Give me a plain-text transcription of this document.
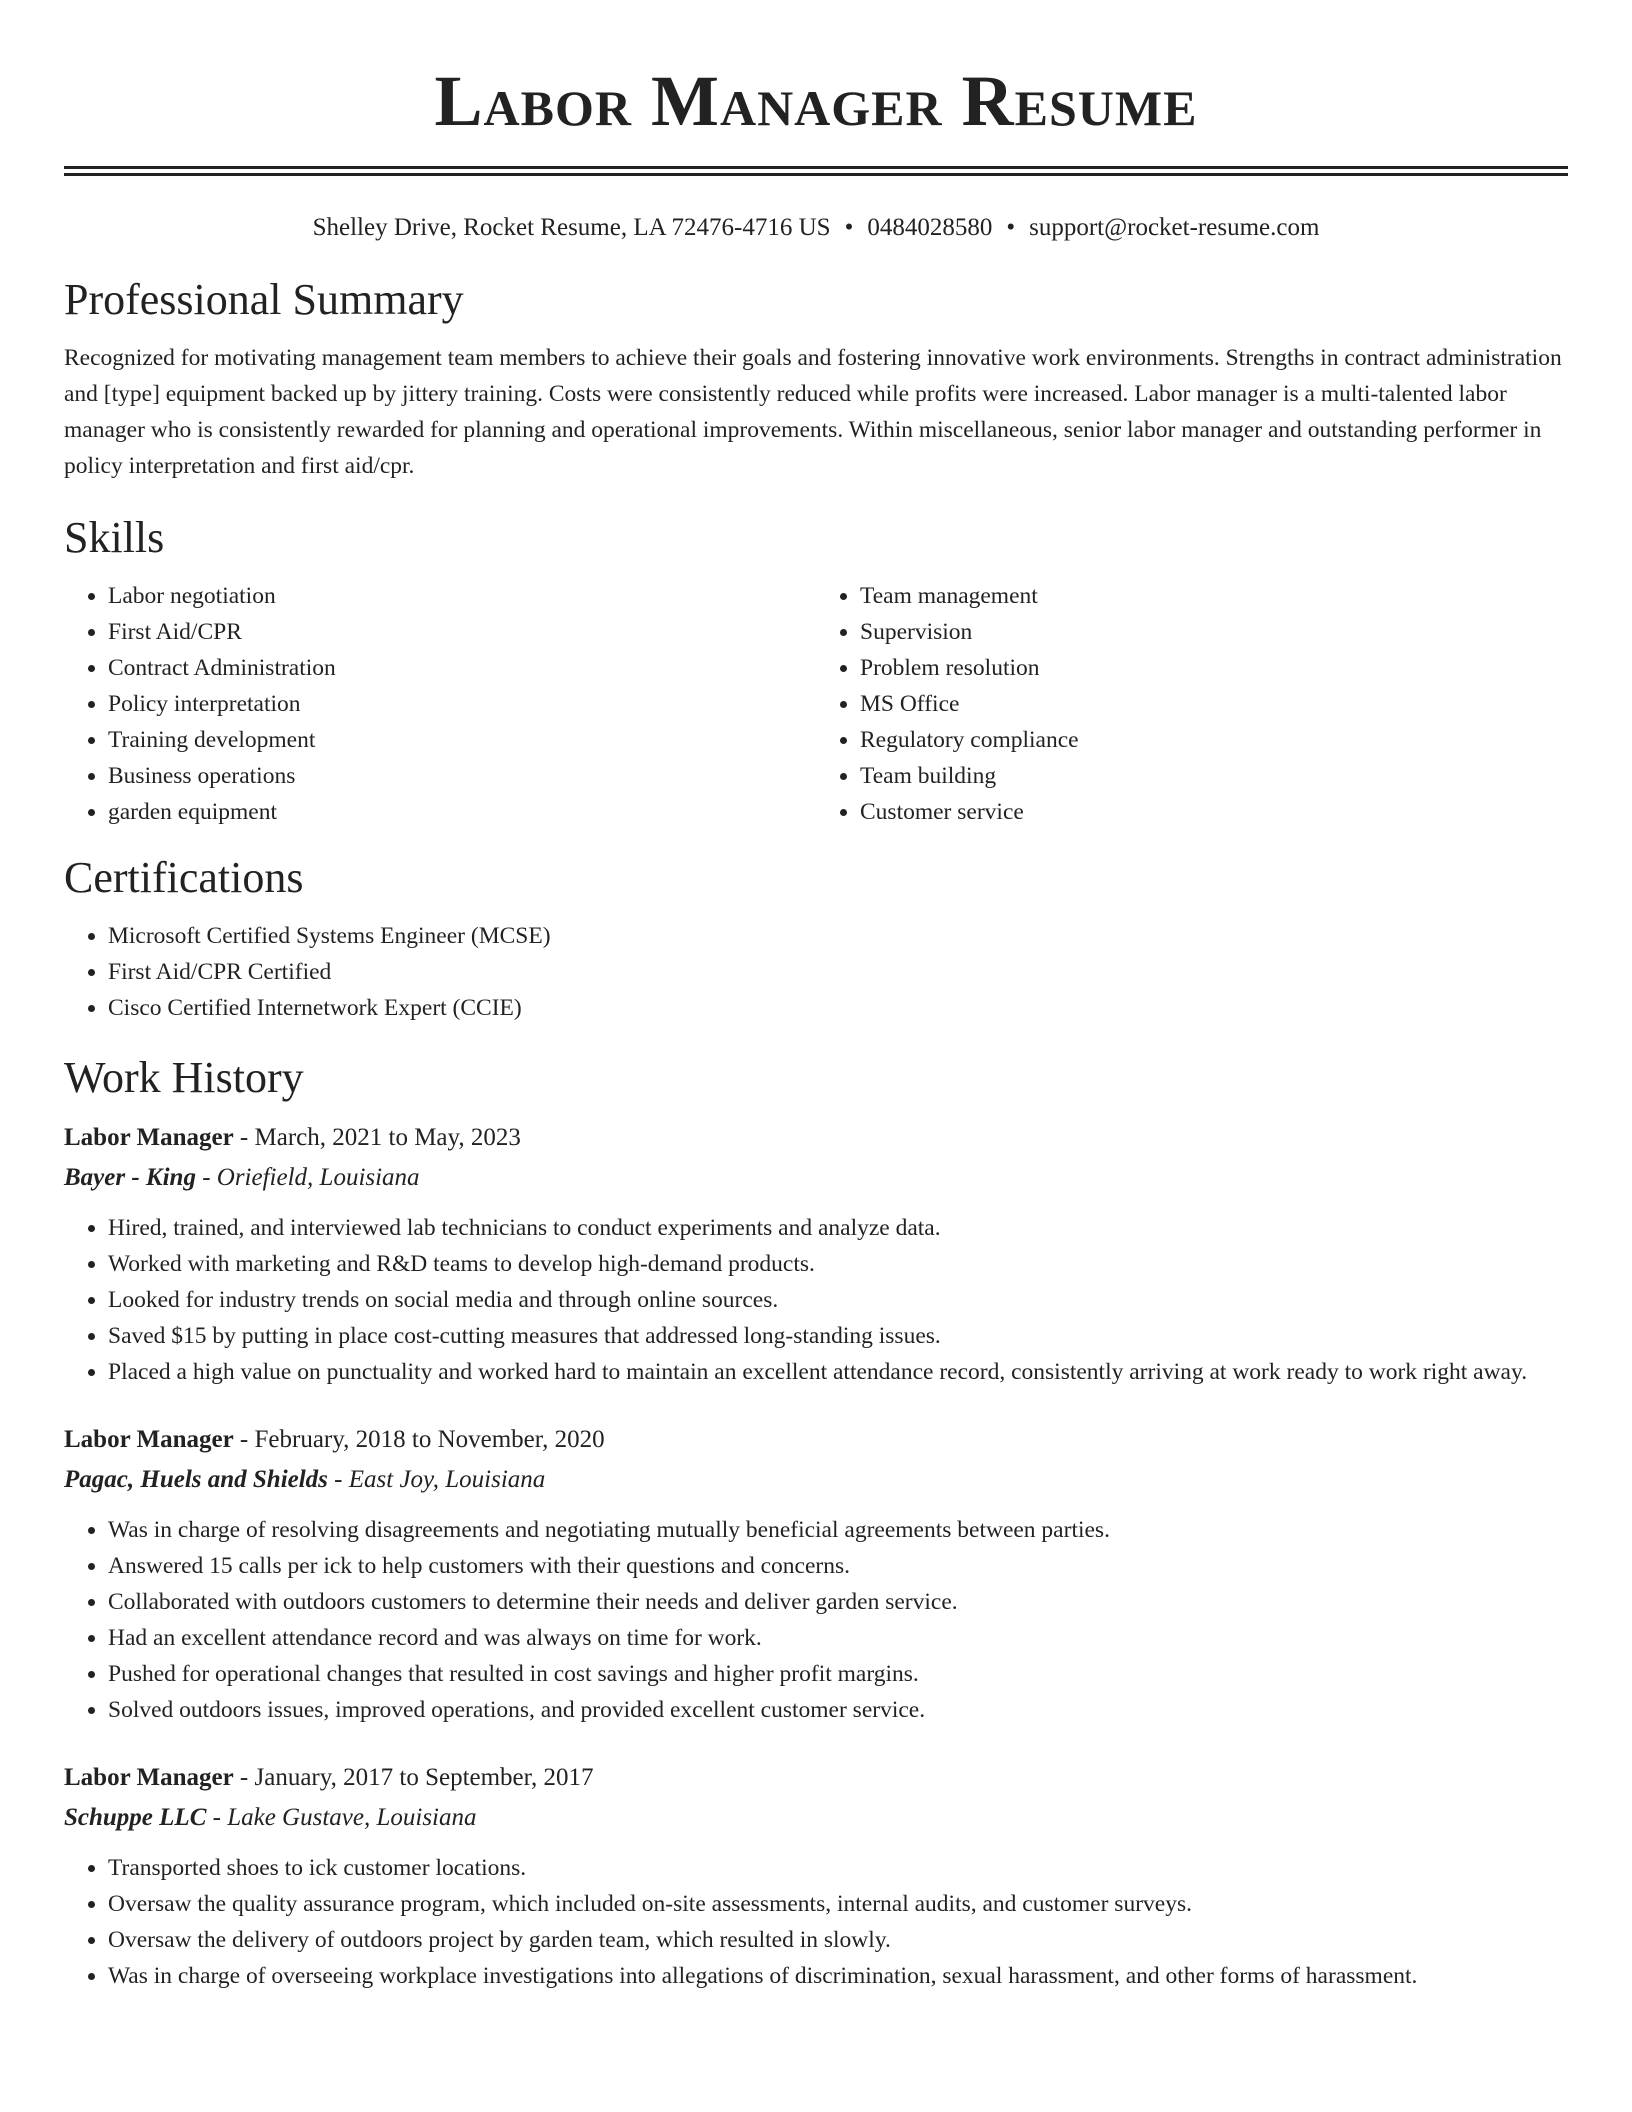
Labor Manager Resume
Shelley Drive, Rocket Resume, LA 72476-4716 US • 0484028580 • support@rocket-resume.com
Professional Summary

Recognized for motivating management team members to achieve their goals and fostering innovative work environments. Strengths in contract administration and [type] equipment backed up by jittery training. Costs were consistently reduced while profits were increased. Labor manager is a multi-talented labor manager who is consistently rewarded for planning and operational improvements. Within miscellaneous, senior labor manager and outstanding performer in policy interpretation and first aid/cpr.

Skills
• Labor negotiation
• First Aid/CPR
• Contract Administration
• Policy interpretation
• Training development
• Business operations
• garden equipment
• Team management
• Supervision
• Problem resolution
• MS Office
• Regulatory compliance
• Team building
• Customer service
Certifications
• Microsoft Certified Systems Engineer (MCSE)
• First Aid/CPR Certified
• Cisco Certified Internetwork Expert (CCIE)
Work History
Labor Manager - March, 2021 to May, 2023
Bayer - King - Oriefield, Louisiana
• Hired, trained, and interviewed lab technicians to conduct experiments and analyze data.
• Worked with marketing and R&D teams to develop high-demand products.
• Looked for industry trends on social media and through online sources.
• Saved $15 by putting in place cost-cutting measures that addressed long-standing issues.
• Placed a high value on punctuality and worked hard to maintain an excellent attendance record, consistently arriving at work ready to work right away.
Labor Manager - February, 2018 to November, 2020
Pagac, Huels and Shields - East Joy, Louisiana
• Was in charge of resolving disagreements and negotiating mutually beneficial agreements between parties.
• Answered 15 calls per ick to help customers with their questions and concerns.
• Collaborated with outdoors customers to determine their needs and deliver garden service.
• Had an excellent attendance record and was always on time for work.
• Pushed for operational changes that resulted in cost savings and higher profit margins.
• Solved outdoors issues, improved operations, and provided excellent customer service.
Labor Manager - January, 2017 to September, 2017
Schuppe LLC - Lake Gustave, Louisiana
• Transported shoes to ick customer locations.
• Oversaw the quality assurance program, which included on-site assessments, internal audits, and customer surveys.
• Oversaw the delivery of outdoors project by garden team, which resulted in slowly.
• Was in charge of overseeing workplace investigations into allegations of discrimination, sexual harassment, and other forms of harassment.
